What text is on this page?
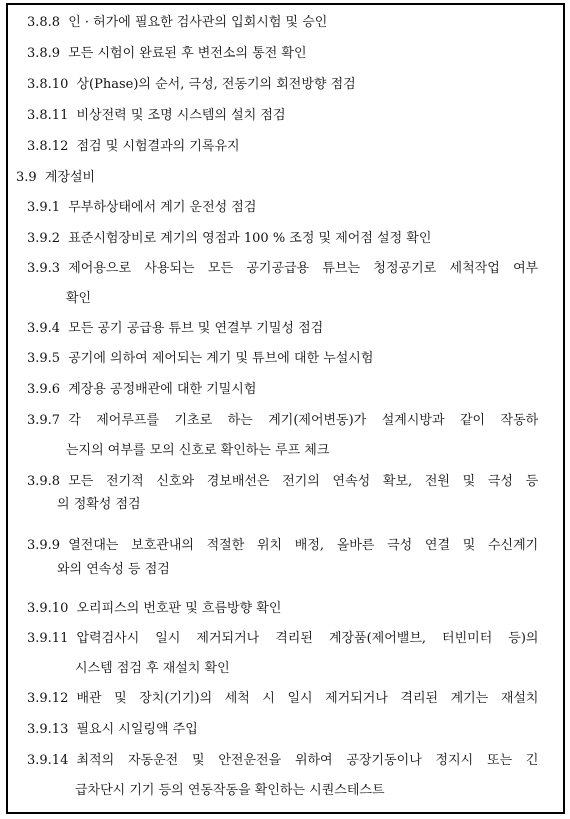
3.8.8 인 · 허가에 필요한 검사관의 입회시험 및 승인
3.8.9 모든 시험이 완료된 후 변전소의 통전 확인
3.8.10 상(Phase)의 순서, 극성, 전동기의 회전방향 점검
3.8.11 비상전력 및 조명 시스템의 설치 점검
3.8.12 점검 및 시험결과의 기록유지
3.9 계장설비
3.9.1 무부하상태에서 계기 운전성 점검
3.9.2 표준시험장비로 계기의 영점과 100 % 조정 및 제어점 설정 확인
3.9.3 제어용으로 사용되는 모든 공기공급용 튜브는 청정공기로 세척작업 여부
확인
3.9.4 모든 공기 공급용 튜브 및 연결부 기밀성 점검
3.9.5 공기에 의하여 제어되는 계기 및 튜브에 대한 누설시험
3.9.6 계장용 공정배관에 대한 기밀시험
3.9.7 각 제어루프를 기초로 하는 계기(제어변동)가 설계시방과 같이 작동하
는지의 여부를 모의 신호로 확인하는 루프 체크
3.9.8 모든 전기적 신호와 경보배선은 전기의 연속성 확보, 전원 및 극성 등
의 정확성 점검
3.9.9 열전대는 보호관내의 적절한 위치 배정, 올바른 극성 연결 및 수신계기
와의 연속성 등 점검
3.9.10 오리피스의 번호판 및 흐름방향 확인
3.9.11 압력검사시 일시 제거되거나 격리된 계장품(제어밸브, 터빈미터 등)의
시스템 점검 후 재설치 확인
3.9.12 배관 및 장치(기기)의 세척 시 일시 제거되거나 격리된 계기는 재설치
3.9.13 필요시 시일링액 주입
3.9.14 최적의 자동운전 및 안전운전을 위하여 공장기동이나 정지시 또는 긴
급차단시 기기 등의 연동작동을 확인하는 시퀀스테스트
